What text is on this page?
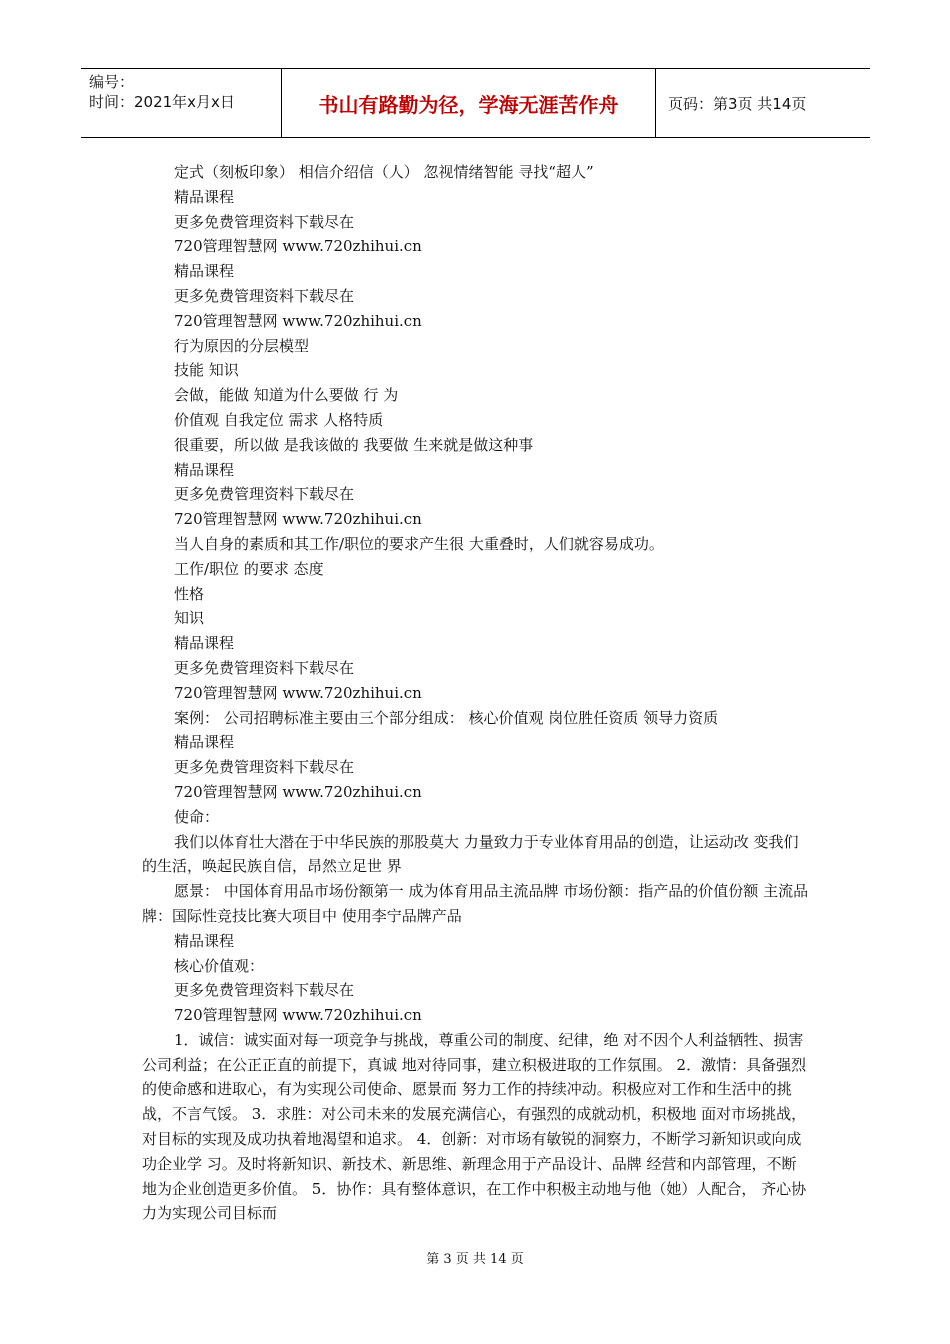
编号：
时间：2021年x月x日	书山有路勤为径，学海无涯苦作舟	页码：第3页 共14页

定式（刻板印象） 相信介绍信（人） 忽视情绪智能 寻找“超人”

精品课程

更多免费管理资料下载尽在

720管理智慧网 www.720zhihui.cn

精品课程

更多免费管理资料下载尽在

720管理智慧网 www.720zhihui.cn

行为原因的分层模型

技能 知识

会做，能做 知道为什么要做 行 为

价值观 自我定位 需求 人格特质

很重要，所以做 是我该做的 我要做 生来就是做这种事

精品课程

更多免费管理资料下载尽在

720管理智慧网 www.720zhihui.cn

当人自身的素质和其工作/职位的要求产生很 大重叠时，人们就容易成功。

工作/职位 的要求 态度

性格

知识

精品课程

更多免费管理资料下载尽在

720管理智慧网 www.720zhihui.cn

案例： 公司招聘标准主要由三个部分组成： 核心价值观 岗位胜任资质 领导力资质

精品课程

更多免费管理资料下载尽在

720管理智慧网 www.720zhihui.cn

使命：

我们以体育壮大潜在于中华民族的那股莫大 力量致力于专业体育用品的创造，让运动改 变我们的生活，唤起民族自信，昂然立足世 界

愿景： 中国体育用品市场份额第一 成为体育用品主流品牌 市场份额：指产品的价值份额 主流品牌：国际性竞技比赛大项目中 使用李宁品牌产品

精品课程

核心价值观：

更多免费管理资料下载尽在

720管理智慧网 www.720zhihui.cn

1．诚信：诚实面对每一项竞争与挑战，尊重公司的制度、纪律，绝 对不因个人利益牺牲、损害公司利益；在公正正直的前提下，真诚 地对待同事，建立积极进取的工作氛围。 2．激情：具备强烈的使命感和进取心，有为实现公司使命、愿景而 努力工作的持续冲动。积极应对工作和生活中的挑战，不言气馁。 3．求胜：对公司未来的发展充满信心，有强烈的成就动机，积极地 面对市场挑战，对目标的实现及成功执着地渴望和追求。 4．创新：对市场有敏锐的洞察力，不断学习新知识或向成功企业学 习。及时将新知识、新技术、新思维、新理念用于产品设计、品牌 经营和内部管理，不断地为企业创造更多价值。 5．协作：具有整体意识，在工作中积极主动地与他（她）人配合， 齐心协力为实现公司目标而

第 3 页 共 14 页
